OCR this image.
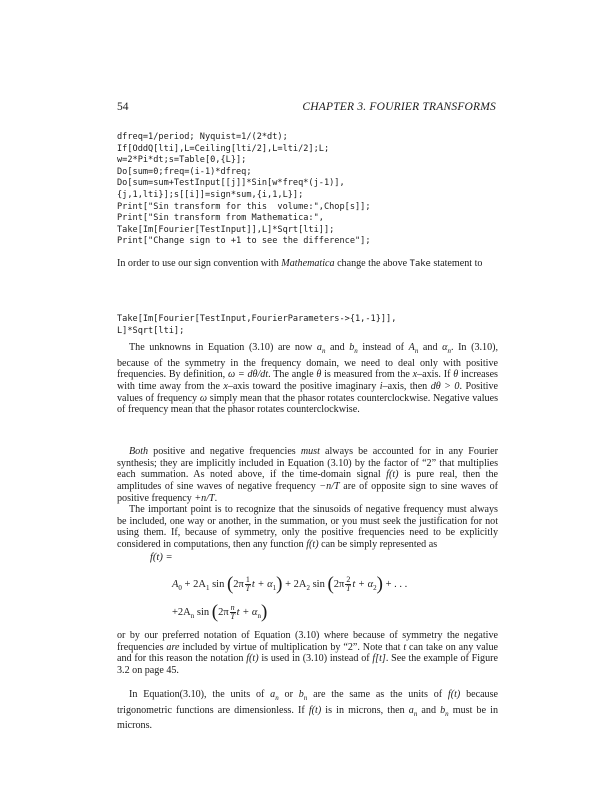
54	CHAPTER 3. FOURIER TRANSFORMS
dfreq=1/period; Nyquist=1/(2*dt);
If[OddQ[lti],L=Ceiling[lti/2],L=lti/2];L;
w=2*Pi*dt;s=Table[0,{L}];
Do[sum=0;freq=(i-1)*dfreq;
Do[sum=sum+TestInput[[j]]*Sin[w*freq*(j-1)],
{j,1,lti}];s[[i]]=sign*sum,{i,1,L}];
Print["Sin transform for this  volume:",Chop[s]];
Print["Sin transform from Mathematica:",
Take[Im[Fourier[TestInput]],L]*Sqrt[lti]];
Print["Change sign to +1 to see the difference"];

In order to use our sign convention with Mathematica change the above Take statement to

Take[Im[Fourier[TestInput,FourierParameters->{1,-1}]],
L]*Sqrt[lti];

The unknowns in Equation (3.10) are now $a_n$ and $b_n$ instead of $A_n$ and $\alpha_n$. In (3.10), because of the symmetry in the frequency domain, we need to deal only with positive frequencies. By definition, ω = dθ/dt. The angle θ is measured from the x–axis. If θ increases with time away from the x–axis toward the positive imaginary i–axis, then dθ > 0. Positive values of frequency ω simply mean that the phasor rotates counterclockwise. Negative values of frequency mean that the phasor rotates counterclockwise.

Both positive and negative frequencies must always be accounted for in any Fourier synthesis; they are implicitly included in Equation (3.10) by the factor of “2” that multiplies each summation. As noted above, if the time-domain signal f(t) is pure real, then the amplitudes of sine waves of negative frequency −n/T are of opposite sign to sine waves of positive frequency +n/T.

The important point is to recognize that the sinusoids of negative frequency must always be included, one way or another, in the summation, or you must seek the justification for not using them. If, because of symmetry, only the positive frequencies need to be explicitly considered in computations, then any function f(t) can be simply represented as

f(t) =
$A_0 + 2A_1$ $\sin (2\pi \frac{1}{T}$ $t + \alpha_1) + 2A_2$ $\sin (2\pi \frac{2}{T}$ $t + \alpha_2$) + . . .
$+2A_n$ $\sin (2\pi \frac{n}{T}$ $t + \alpha_n$)

or by our preferred notation of Equation (3.10) where because of symmetry the negative frequencies are included by virtue of multiplication by “2”. Note that t can take on any value and for this reason the notation f(t) is used in (3.10) instead of f[t]. See the example of Figure 3.2 on page 45.

In Equation(3.10), the units of $a_n$ or $b_n$ are the same as the units of f(t) because trigonometric functions are dimensionless. If f(t) is in microns, then $a_n$ and $b_n$ must be in microns.
